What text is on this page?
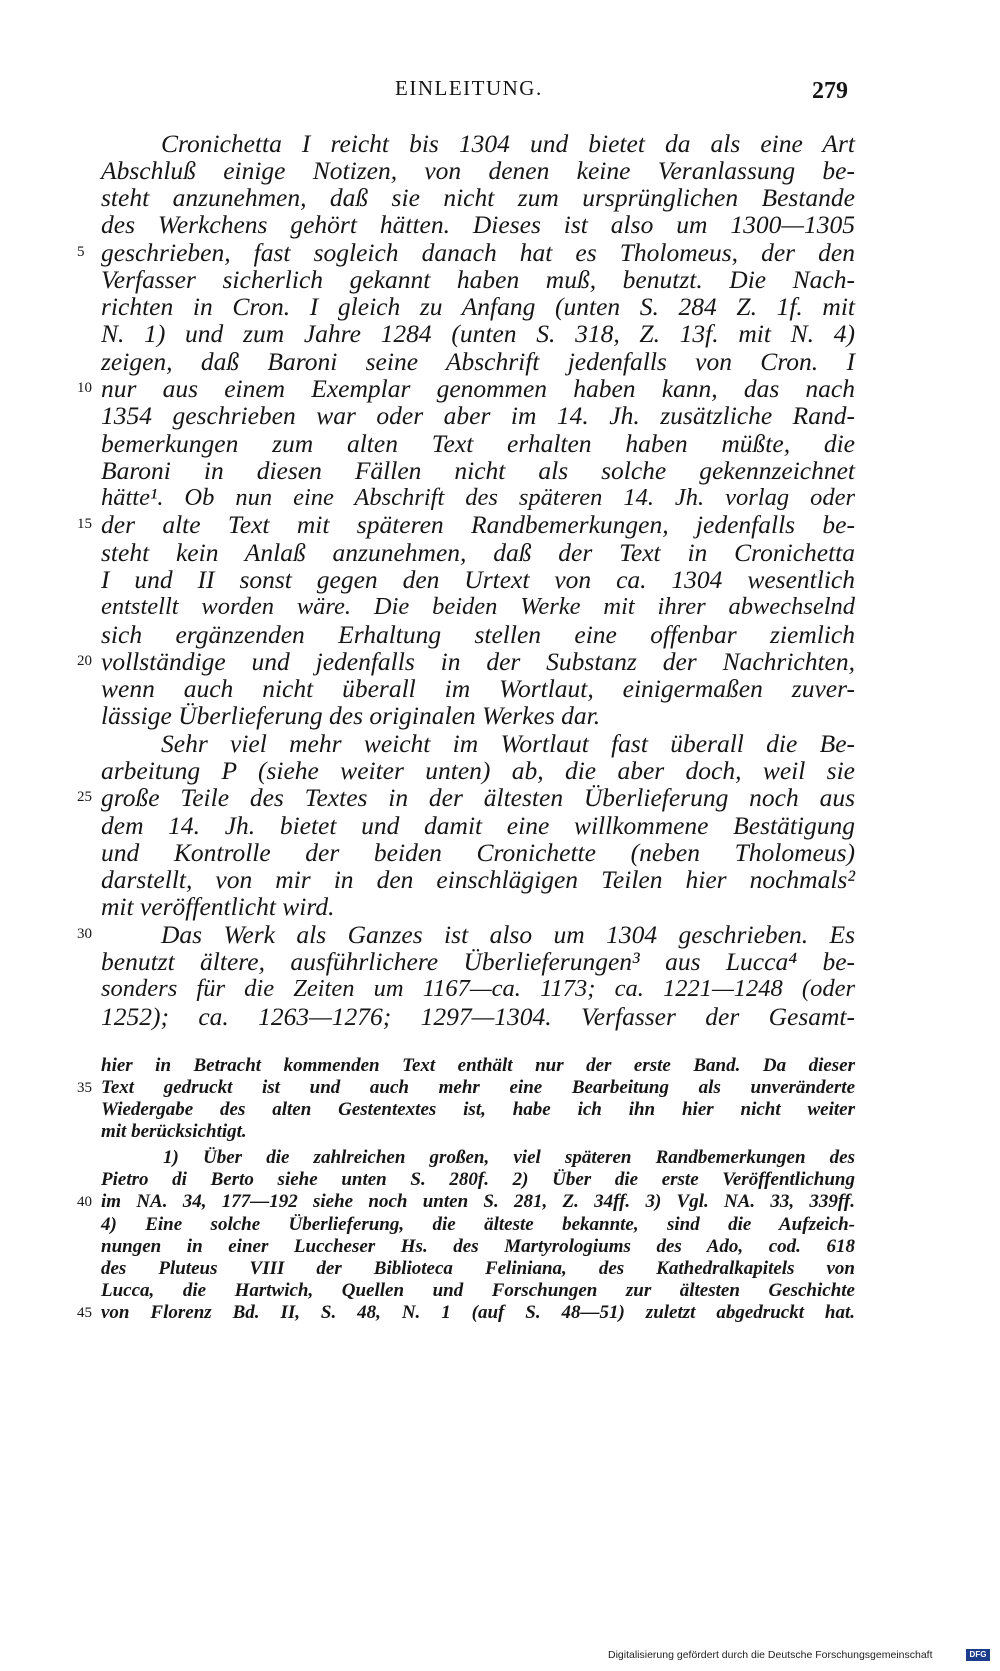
EINLEITUNG.	279
Cronichetta I reicht bis 1304 und bietet da als eine Art
Abschluß einige Notizen, von denen keine Veranlassung be-
steht anzunehmen, daß sie nicht zum ursprünglichen Bestande
des Werkchens gehört hätten. Dieses ist also um 1300—1305
geschrieben, fast sogleich danach hat es Tholomeus, der den
Verfasser sicherlich gekannt haben muß, benutzt. Die Nach-
richten in Cron. I gleich zu Anfang (unten S. 284 Z. 1f. mit
N. 1) und zum Jahre 1284 (unten S. 318, Z. 13f. mit N. 4)
zeigen, daß Baroni seine Abschrift jedenfalls von Cron. I
nur aus einem Exemplar genommen haben kann, das nach
1354 geschrieben war oder aber im 14. Jh. zusätzliche Rand-
bemerkungen zum alten Text erhalten haben müßte, die
Baroni in diesen Fällen nicht als solche gekennzeichnet
hätte¹. Ob nun eine Abschrift des späteren 14. Jh. vorlag oder
der alte Text mit späteren Randbemerkungen, jedenfalls be-
steht kein Anlaß anzunehmen, daß der Text in Cronichetta
I und II sonst gegen den Urtext von ca. 1304 wesentlich
entstellt worden wäre. Die beiden Werke mit ihrer abwechselnd
sich ergänzenden Erhaltung stellen eine offenbar ziemlich
vollständige und jedenfalls in der Substanz der Nachrichten,
wenn auch nicht überall im Wortlaut, einigermaßen zuver-
lässige Überlieferung des originalen Werkes dar.
Sehr viel mehr weicht im Wortlaut fast überall die Be-
arbeitung P (siehe weiter unten) ab, die aber doch, weil sie
große Teile des Textes in der ältesten Überlieferung noch aus
dem 14. Jh. bietet und damit eine willkommene Bestätigung
und Kontrolle der beiden Cronichette (neben Tholomeus)
darstellt, von mir in den einschlägigen Teilen hier nochmals²
mit veröffentlicht wird.
Das Werk als Ganzes ist also um 1304 geschrieben. Es
benutzt ältere, ausführlichere Überlieferungen³ aus Lucca⁴ be-
sonders für die Zeiten um 1167—ca. 1173; ca. 1221—1248 (oder
1252); ca. 1263—1276; 1297—1304. Verfasser der Gesamt-
5
10
15
20
25
30
hier in Betracht kommenden Text enthält nur der erste Band. Da dieser
Text gedruckt ist und auch mehr eine Bearbeitung als unveränderte
Wiedergabe des alten Gestentextes ist, habe ich ihn hier nicht weiter
mit berücksichtigt.
1) Über die zahlreichen großen, viel späteren Randbemerkungen des
Pietro di Berto siehe unten S. 280f. 2) Über die erste Veröffentlichung
im NA. 34, 177—192 siehe noch unten S. 281, Z. 34ff. 3) Vgl. NA. 33, 339ff.
4) Eine solche Überlieferung, die älteste bekannte, sind die Aufzeich-
nungen in einer Luccheser Hs. des Martyrologiums des Ado, cod. 618
des Pluteus VIII der Biblioteca Feliniana, des Kathedralkapitels von
Lucca, die Hartwich, Quellen und Forschungen zur ältesten Geschichte
von Florenz Bd. II, S. 48, N. 1 (auf S. 48—51) zuletzt abgedruckt hat.
35
40
45
Digitalisierung gefördert durch die Deutsche Forschungsgemeinschaft	DFG
